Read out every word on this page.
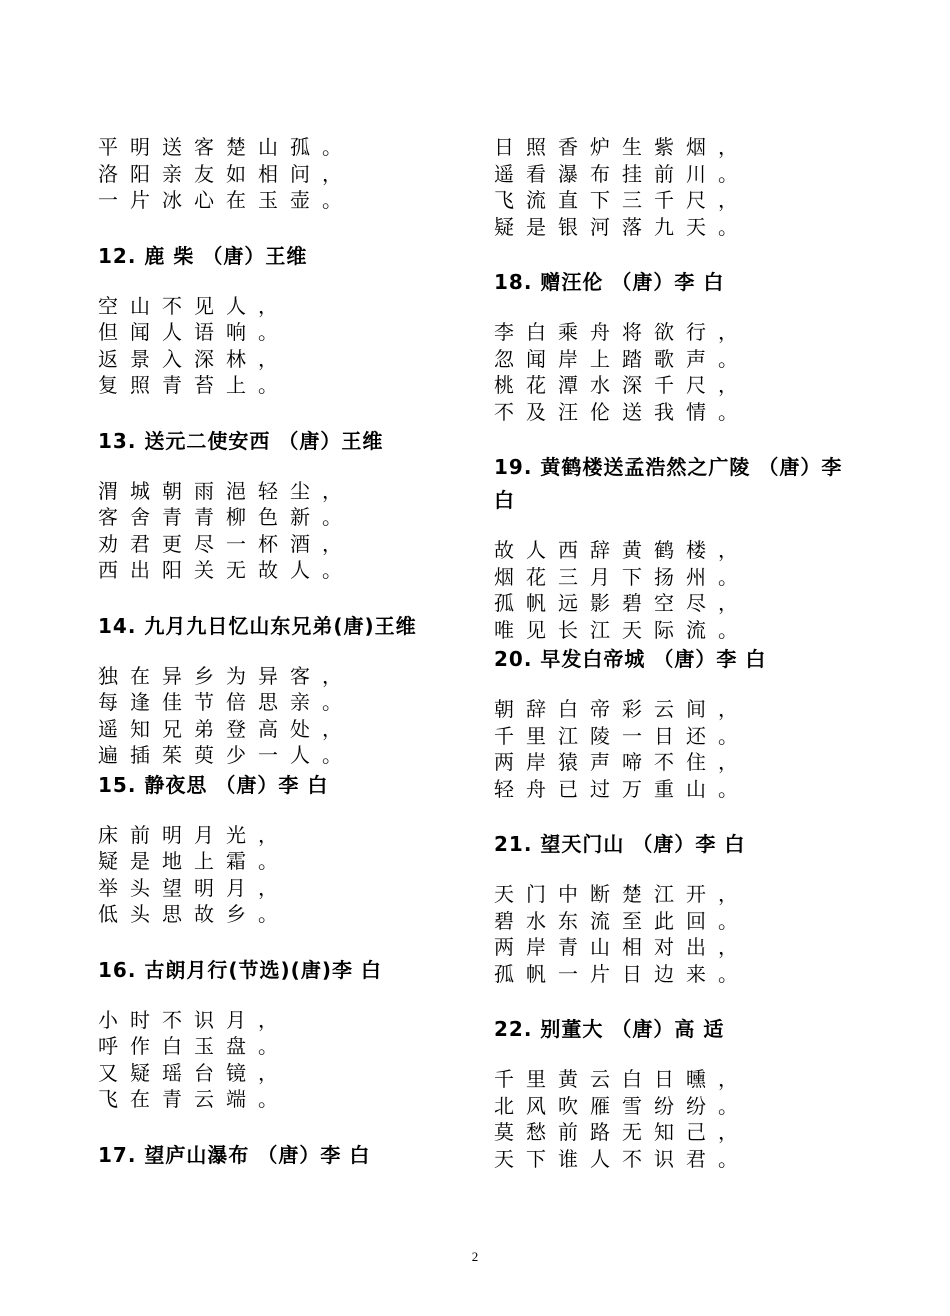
平明送客楚山孤。
洛阳亲友如相问，
一片冰心在玉壶。
12. 鹿 柴 （唐）王维
空山不见人，
但闻人语响。
返景入深林，
复照青苔上。
13. 送元二使安西 （唐）王维
渭城朝雨浥轻尘，
客舍青青柳色新。
劝君更尽一杯酒，
西出阳关无故人。
14. 九月九日忆山东兄弟(唐)王维
独在异乡为异客，
每逢佳节倍思亲。
遥知兄弟登高处，
遍插茱萸少一人。
15. 静夜思 （唐）李 白
床前明月光，
疑是地上霜。
举头望明月，
低头思故乡。
16. 古朗月行(节选)(唐)李 白
小时不识月，
呼作白玉盘。
又疑瑶台镜，
飞在青云端。
17. 望庐山瀑布 （唐）李 白
日照香炉生紫烟，
遥看瀑布挂前川。
飞流直下三千尺，
疑是银河落九天。
18. 赠汪伦 （唐）李 白
李白乘舟将欲行，
忽闻岸上踏歌声。
桃花潭水深千尺，
不及汪伦送我情。
19. 黄鹤楼送孟浩然之广陵 （唐）李 白
故人西辞黄鹤楼，
烟花三月下扬州。
孤帆远影碧空尽，
唯见长江天际流。
20. 早发白帝城 （唐）李 白
朝辞白帝彩云间，
千里江陵一日还。
两岸猿声啼不住，
轻舟已过万重山。
21. 望天门山 （唐）李 白
天门中断楚江开，
碧水东流至此回。
两岸青山相对出，
孤帆一片日边来。
22. 别董大 （唐）高 适
千里黄云白日曛，
北风吹雁雪纷纷。
莫愁前路无知己，
天下谁人不识君。
2
